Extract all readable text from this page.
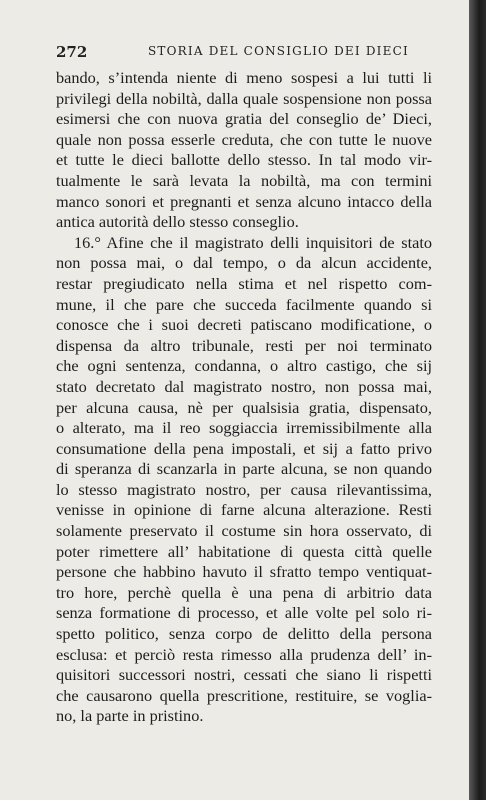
272	STORIA DEL CONSIGLIO DEI DIECI
bando, s’intenda niente di meno sospesi a lui tutti li
privilegi della nobiltà, dalla quale sospensione non possa
esimersi che con nuova gratia del conseglio de’ Dieci,
quale non possa esserle creduta, che con tutte le nuove
et tutte le dieci ballotte dello stesso. In tal modo vir-
tualmente le sarà levata la nobiltà, ma con termini
manco sonori et pregnanti et senza alcuno intacco della
antica autorità dello stesso conseglio.
16.° Afine che il magistrato delli inquisitori de stato
non possa mai, o dal tempo, o da alcun accidente,
restar pregiudicato nella stima et nel rispetto com-
mune, il che pare che succeda facilmente quando si
conosce che i suoi decreti patiscano modificatione, o
dispensa da altro tribunale, resti per noi terminato
che ogni sentenza, condanna, o altro castigo, che sij
stato decretato dal magistrato nostro, non possa mai,
per alcuna causa, nè per qualsisia gratia, dispensato,
o alterato, ma il reo soggiaccia irremissibilmente alla
consumatione della pena impostali, et sij a fatto privo
di speranza di scanzarla in parte alcuna, se non quando
lo stesso magistrato nostro, per causa rilevantissima,
venisse in opinione di farne alcuna alterazione. Resti
solamente preservato il costume sin hora osservato, di
poter rimettere all’ habitatione di questa città quelle
persone che habbino havuto il sfratto tempo ventiquat-
tro hore, perchè quella è una pena di arbitrio data
senza formatione di processo, et alle volte pel solo ri-
spetto politico, senza corpo de delitto della persona
esclusa: et perciò resta rimesso alla prudenza dell’ in-
quisitori successori nostri, cessati che siano li rispetti
che causarono quella prescritione, restituire, se voglia-
no, la parte in pristino.
